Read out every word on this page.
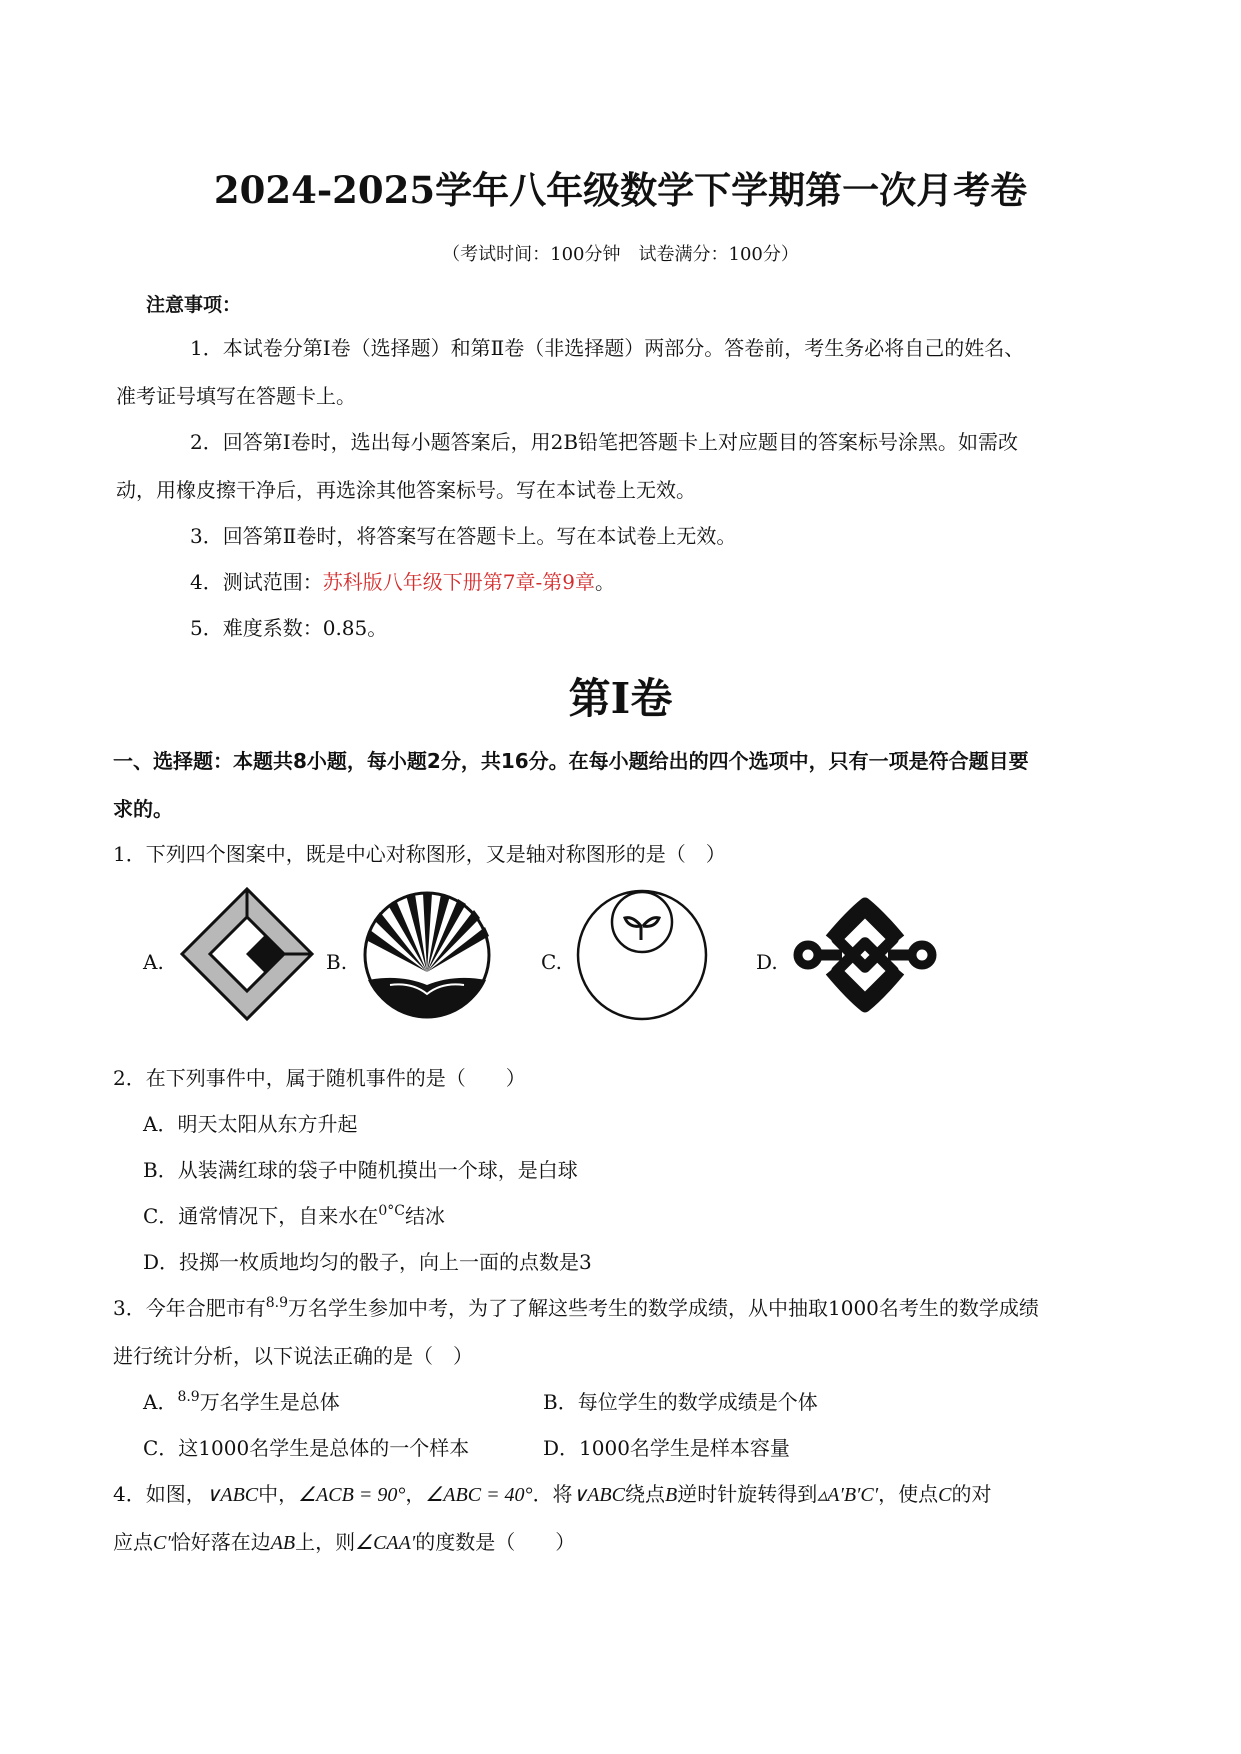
2024-2025学年八年级数学下学期第一次月考卷
（考试时间：100分钟　试卷满分：100分）
注意事项：
1．本试卷分第Ⅰ卷（选择题）和第Ⅱ卷（非选择题）两部分。答卷前，考生务必将自己的姓名、
准考证号填写在答题卡上。
2．回答第Ⅰ卷时，选出每小题答案后，用2B铅笔把答题卡上对应题目的答案标号涂黑。如需改
动，用橡皮擦干净后，再选涂其他答案标号。写在本试卷上无效。
3．回答第Ⅱ卷时，将答案写在答题卡上。写在本试卷上无效。
4．测试范围：苏科版八年级下册第7章-第9章。
5．难度系数：0.85。
第Ⅰ卷
一、选择题：本题共8小题，每小题2分，共16分。在每小题给出的四个选项中，只有一项是符合题目要
求的。
1．下列四个图案中，既是中心对称图形，又是轴对称图形的是（　）
A.	B.	C.	D.
2．在下列事件中，属于随机事件的是（　　）
A．明天太阳从东方升起
B．从装满红球的袋子中随机摸出一个球，是白球
C．通常情况下，自来水在$^{0^\circ C}$结冰
D．投掷一枚质地均匀的骰子，向上一面的点数是3
3．今年合肥市有$^{8.9}$万名学生参加中考，为了了解这些考生的数学成绩，从中抽取1000名考生的数学成绩
进行统计分析，以下说法正确的是（　）
A．$^{8.9}$万名学生是总体	B．每位学生的数学成绩是个体
C．这1000名学生是总体的一个样本	D．1000名学生是样本容量
4．如图，∨ABC中，∠ACB = 90°，∠ABC = 40°．将∨ABC绕点B逆时针旋转得到▵A′B′C′，使点C的对
应点C′恰好落在边AB上，则∠CAA′的度数是（　　）
